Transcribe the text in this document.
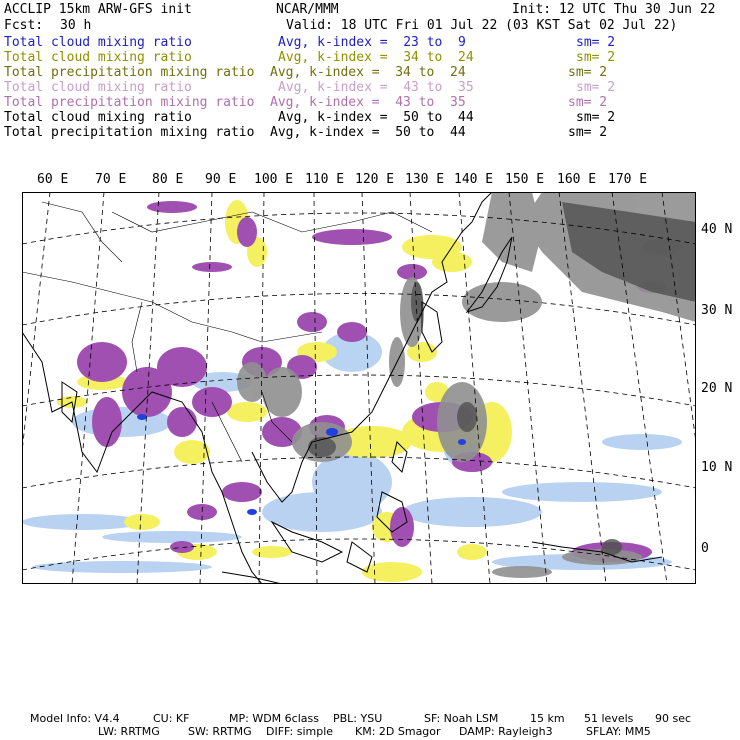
ACCLIP 15km ARW-GFS init	NCAR/MMM	Init: 12 UTC Thu 30 Jun 22
Fcst: 30 h	Valid: 18 UTC Fri 01 Jul 22 (03 KST Sat 02 Jul 22)
Total cloud mixing ratio	Avg, k-index =  23 to  9	sm= 2
Total cloud mixing ratio	Avg, k-index =  34 to  24	sm= 2
Total precipitation mixing ratio Avg, k-index =  34 to  24	sm= 2
Total cloud mixing ratio	Avg, k-index =  43 to  35	sm= 2
Total precipitation mixing ratio Avg, k-index =  43 to  35	sm= 2
Total cloud mixing ratio	Avg, k-index =  50 to  44	sm= 2
Total precipitation mixing ratio Avg, k-index =  50 to  44	sm= 2
60 E 70 E 80 E 90 E 100 E 110 E 120 E 130 E 140 E 150 E 160 E 170 E
40 N
30 N
20 N
10 N
0
Model Info: V4.4	CU: KF	MP: WDM 6class PBL: YSU	SF: Noah LSM	15 km 51 levels 90 sec
LW: RRTMG	SW: RRTMG DIFF: simple KM: 2D Smagor DAMP: Rayleigh3	SFLAY: MM5
